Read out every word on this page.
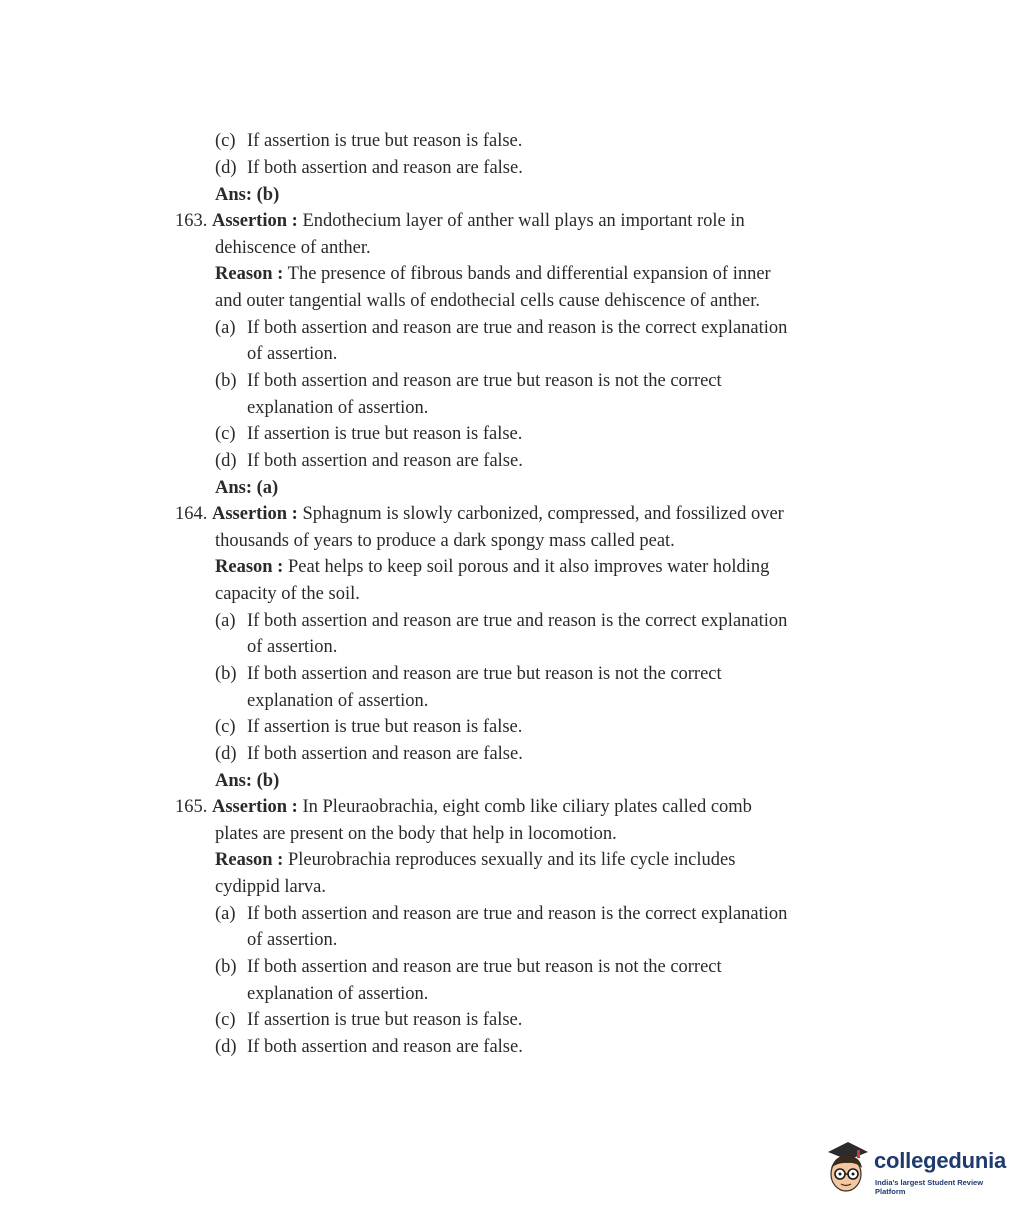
(c) If assertion is true but reason is false.
(d) If both assertion and reason are false.
Ans: (b)
163. Assertion : Endothecium layer of anther wall plays an important role in
dehiscence of anther.
Reason : The presence of fibrous bands and differential expansion of inner
and outer tangential walls of endothecial cells cause dehiscence of anther.
(a) If both assertion and reason are true and reason is the correct explanation
of assertion.
(b) If both assertion and reason are true but reason is not the correct
explanation of assertion.
(c) If assertion is true but reason is false.
(d) If both assertion and reason are false.
Ans: (a)
164. Assertion : Sphagnum is slowly carbonized, compressed, and fossilized over
thousands of years to produce a dark spongy mass called peat.
Reason : Peat helps to keep soil porous and it also improves water holding
capacity of the soil.
(a) If both assertion and reason are true and reason is the correct explanation
of assertion.
(b) If both assertion and reason are true but reason is not the correct
explanation of assertion.
(c) If assertion is true but reason is false.
(d) If both assertion and reason are false.
Ans: (b)
165. Assertion : In Pleuraobrachia, eight comb like ciliary plates called comb
plates are present on the body that help in locomotion.
Reason : Pleurobrachia reproduces sexually and its life cycle includes
cydippid larva.
(a) If both assertion and reason are true and reason is the correct explanation
of assertion.
(b) If both assertion and reason are true but reason is not the correct
explanation of assertion.
(c) If assertion is true but reason is false.
(d) If both assertion and reason are false.
collegedunia
India's largest Student Review Platform
